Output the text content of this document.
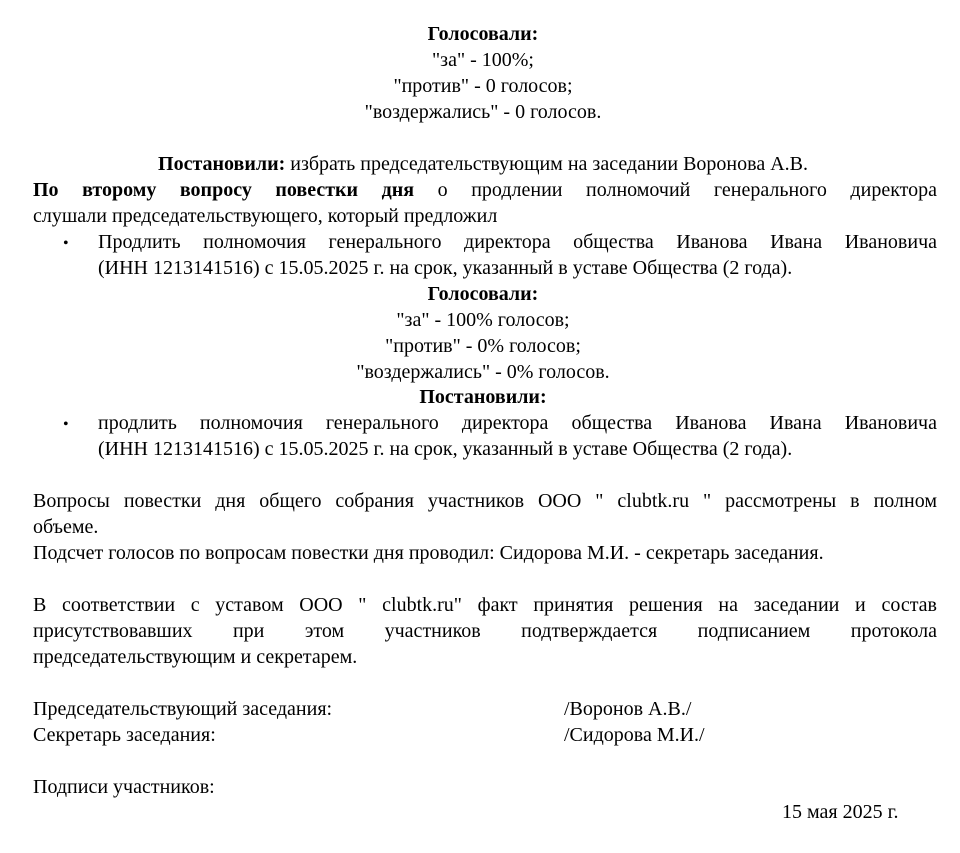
Голосовали:
"за" - 100%;
"против" - 0 голосов;
"воздержались" - 0 голосов.
Постановили: избрать председательствующим на заседании Воронова А.В.
По второму вопросу повестки дня о продлении полномочий генерального директора
слушали председательствующего, который предложил
• Продлить полномочия генерального директора общества Иванова Ивана Ивановича
(ИНН 1213141516) с 15.05.2025 г. на срок, указанный в уставе Общества (2 года).
Голосовали:
"за" - 100% голосов;
"против" - 0% голосов;
"воздержались" - 0% голосов.
Постановили:
• продлить полномочия генерального директора общества Иванова Ивана Ивановича
(ИНН 1213141516) с 15.05.2025 г. на срок, указанный в уставе Общества (2 года).
Вопросы повестки дня общего собрания участников ООО " clubtk.ru " рассмотрены в полном
объеме.
Подсчет голосов по вопросам повестки дня проводил: Сидорова М.И. - секретарь заседания.
В соответствии с уставом ООО " clubtk.ru" факт принятия решения на заседании и состав
присутствовавших при этом участников подтверждается подписанием протокола
председательствующим и секретарем.
Председательствующий заседания:	/Воронов А.В./
Секретарь заседания:	/Сидорова М.И./
Подписи участников:
15 мая 2025 г.
